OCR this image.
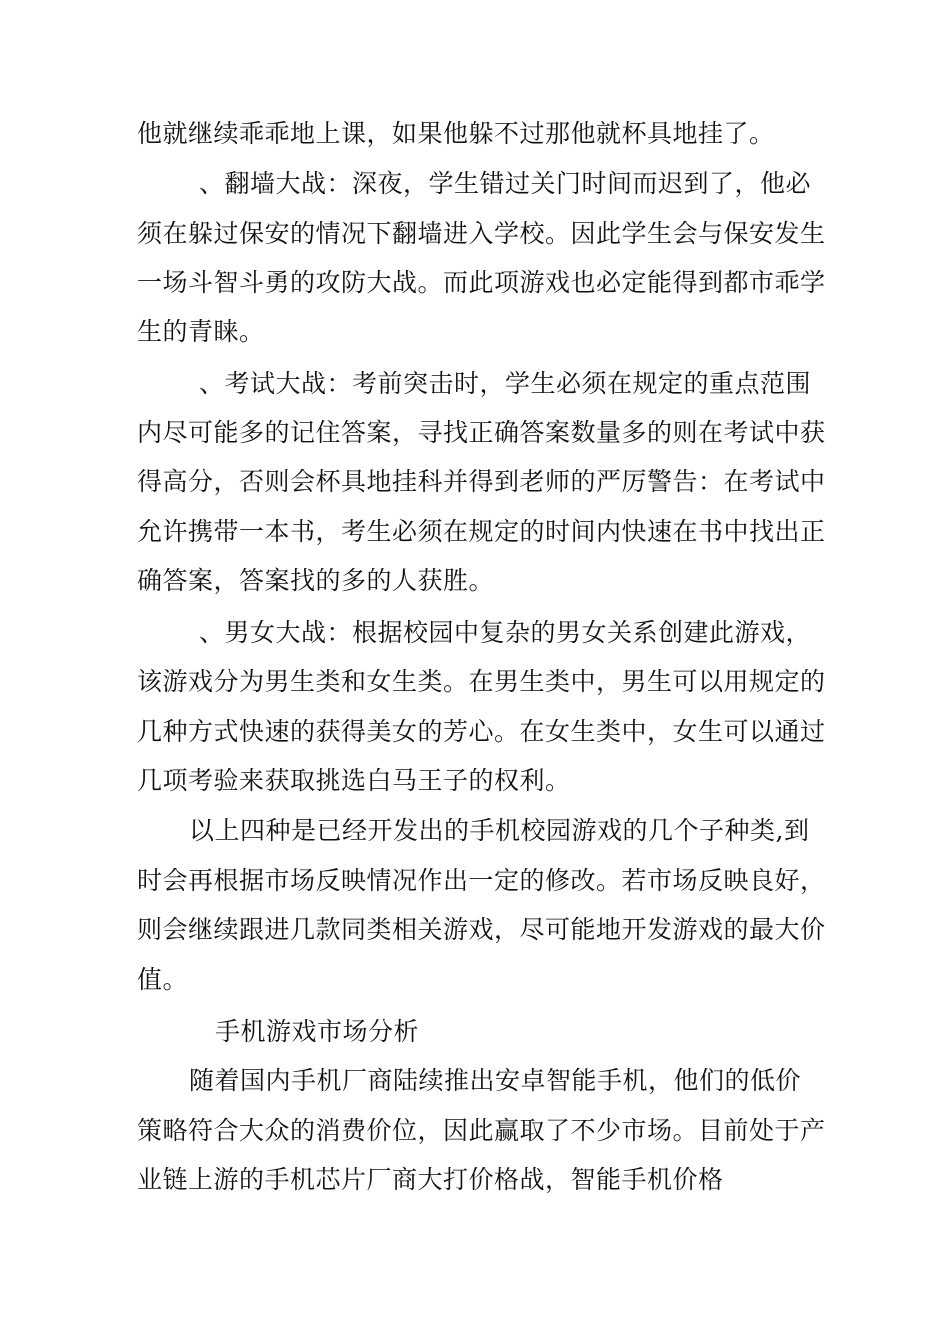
他就继续乖乖地上课，如果他躲不过那他就杯具地挂了。
、翻墙大战：深夜，学生错过关门时间而迟到了，他必
须在躲过保安的情况下翻墙进入学校。因此学生会与保安发生
一场斗智斗勇的攻防大战。而此项游戏也必定能得到都市乖学
生的青睐。
、考试大战：考前突击时，学生必须在规定的重点范围
内尽可能多的记住答案，寻找正确答案数量多的则在考试中获
得高分，否则会杯具地挂科并得到老师的严厉警告：在考试中
允许携带一本书，考生必须在规定的时间内快速在书中找出正
确答案，答案找的多的人获胜。
、男女大战：根据校园中复杂的男女关系创建此游戏，
该游戏分为男生类和女生类。在男生类中，男生可以用规定的
几种方式快速的获得美女的芳心。在女生类中，女生可以通过
几项考验来获取挑选白马王子的权利。
以上四种是已经开发出的手机校园游戏的几个子种类,到
时会再根据市场反映情况作出一定的修改。若市场反映良好，
则会继续跟进几款同类相关游戏，尽可能地开发游戏的最大价
值。
手机游戏市场分析
随着国内手机厂商陆续推出安卓智能手机，他们的低价
策略符合大众的消费价位，因此赢取了不少市场。目前处于产
业链上游的手机芯片厂商大打价格战，智能手机价格
